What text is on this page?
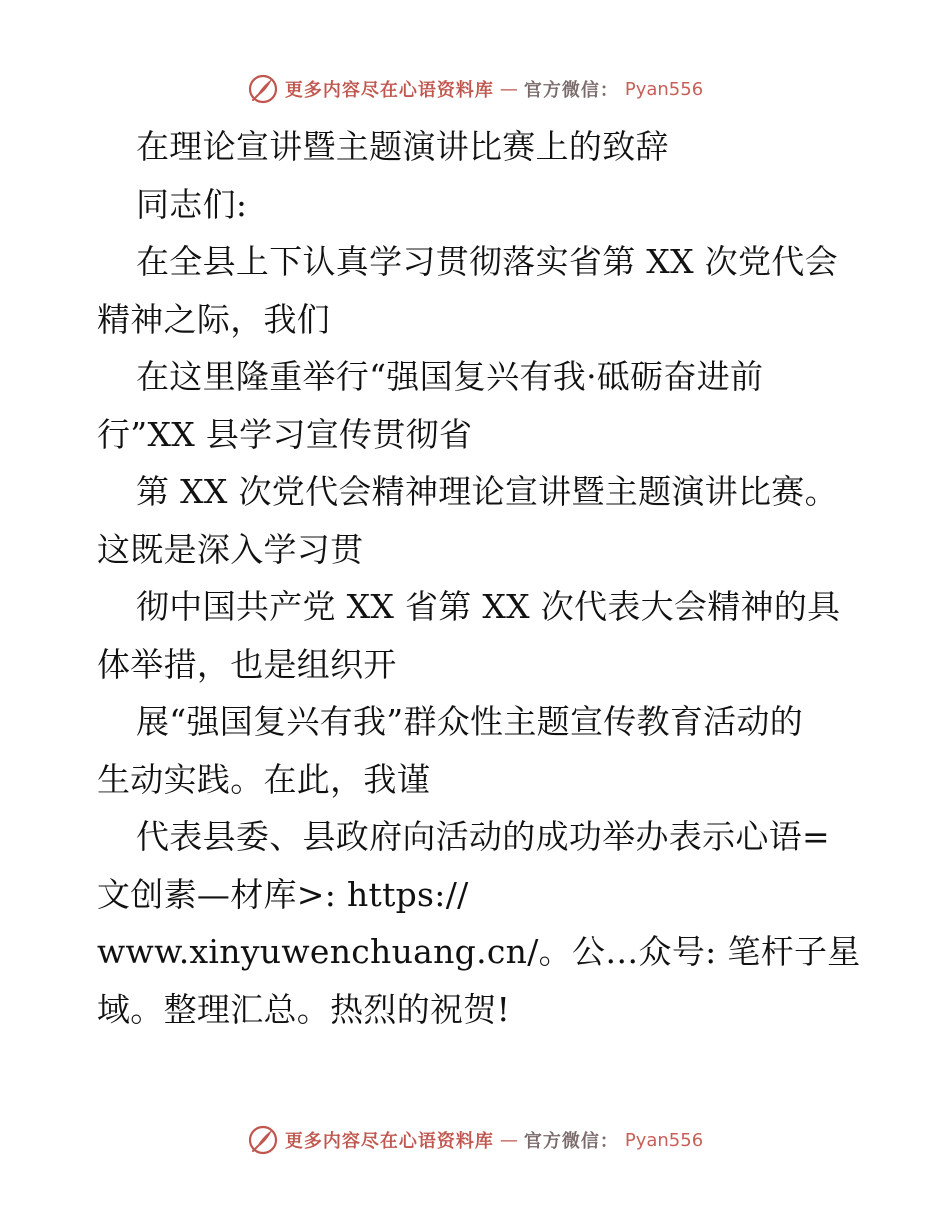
更多内容尽在心语资料库 — 官方微信： Pyan556
在理论宣讲暨主题演讲比赛上的致辞
同志们:
在全县上下认真学习贯彻落实省第 XX 次党代会
精神之际，我们
在这里隆重举行“强国复兴有我·砥砺奋进前
行”XX 县学习宣传贯彻省
第 XX 次党代会精神理论宣讲暨主题演讲比赛。
这既是深入学习贯
彻中国共产党 XX 省第 XX 次代表大会精神的具
体举措，也是组织开
展“强国复兴有我”群众性主题宣传教育活动的
生动实践。在此，我谨
代表县委、县政府向活动的成功举办表示心语=
文创素—材库>: https://
www.xinyuwenchuang.cn/。公…众号: 笔杆子星
域。整理汇总。热烈的祝贺!
更多内容尽在心语资料库 — 官方微信： Pyan556
